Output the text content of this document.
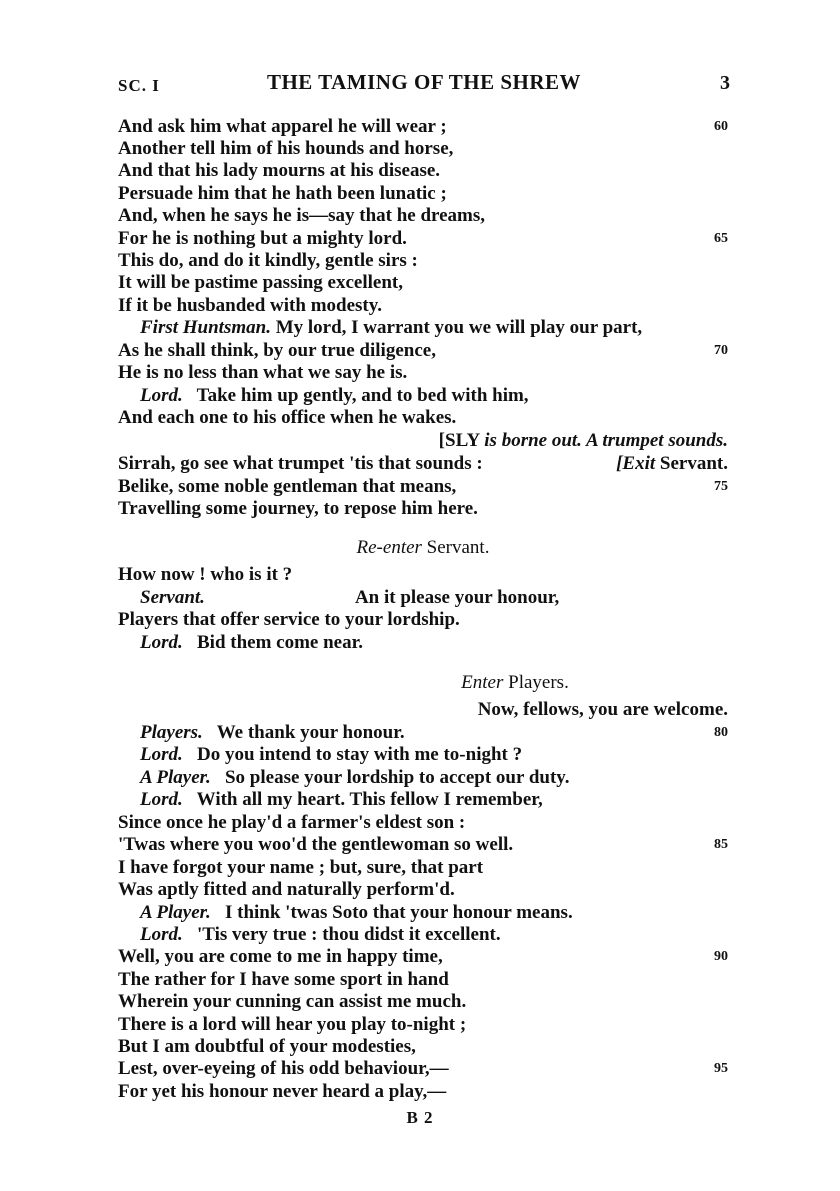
SC. I	THE TAMING OF THE SHREW	3
And ask him what apparel he will wear ;	60
Another tell him of his hounds and horse,
And that his lady mourns at his disease.
Persuade him that he hath been lunatic ;
And, when he says he is—say that he dreams,
For he is nothing but a mighty lord.	65
This do, and do it kindly, gentle sirs :
It will be pastime passing excellent,
If it be husbanded with modesty.
First Huntsman. My lord, I warrant you we will play our part,
As he shall think, by our true diligence,	70
He is no less than what we say he is.
Lord. Take him up gently, and to bed with him,
And each one to his office when he wakes.
[SLY is borne out. A trumpet sounds.
Sirrah, go see what trumpet 'tis that sounds :	[Exit Servant.
Belike, some noble gentleman that means,	75
Travelling some journey, to repose him here.
Re-enter Servant.
How now ! who is it ?
Servant.	An it please your honour,
Players that offer service to your lordship.
Lord. Bid them come near.
Enter Players.
Now, fellows, you are welcome.
Players. We thank your honour.	80
Lord. Do you intend to stay with me to-night ?
A Player. So please your lordship to accept our duty.
Lord. With all my heart. This fellow I remember,
Since once he play'd a farmer's eldest son :
'Twas where you woo'd the gentlewoman so well.	85
I have forgot your name ; but, sure, that part
Was aptly fitted and naturally perform'd.
A Player. I think 'twas Soto that your honour means.
Lord. 'Tis very true : thou didst it excellent.
Well, you are come to me in happy time,	90
The rather for I have some sport in hand
Wherein your cunning can assist me much.
There is a lord will hear you play to-night ;
But I am doubtful of your modesties,
Lest, over-eyeing of his odd behaviour,—	95
For yet his honour never heard a play,—
B 2
